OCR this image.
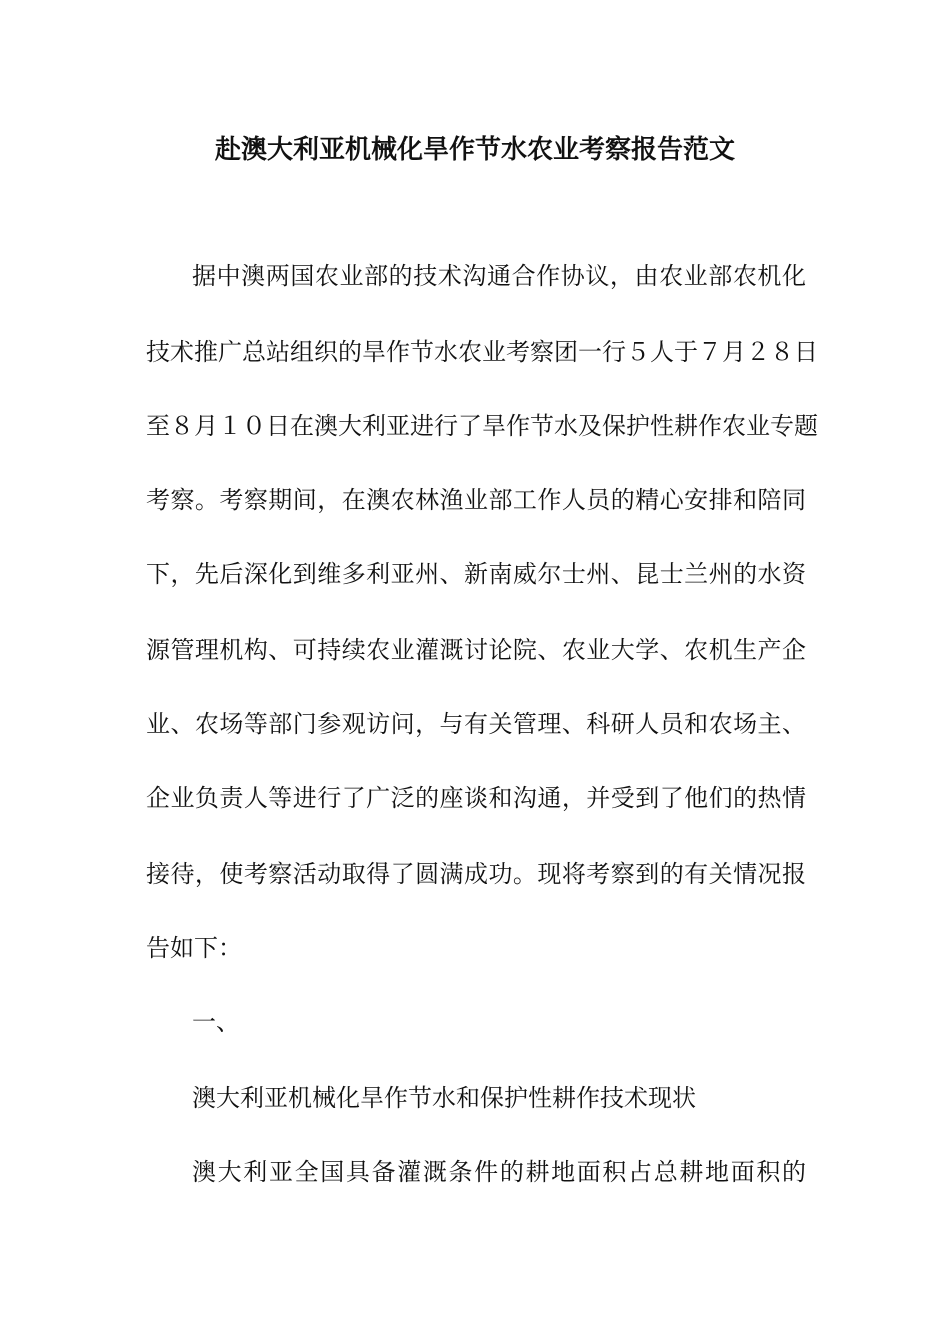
赴澳大利亚机械化旱作节水农业考察报告范文
据中澳两国农业部的技术沟通合作协议，由农业部农机化
技术推广总站组织的旱作节水农业考察团一行５人于７月２８日
至８月１０日在澳大利亚进行了旱作节水及保护性耕作农业专题
考察。考察期间，在澳农林渔业部工作人员的精心安排和陪同
下，先后深化到维多利亚州、新南威尔士州、昆士兰州的水资
源管理机构、可持续农业灌溉讨论院、农业大学、农机生产企
业、农场等部门参观访问，与有关管理、科研人员和农场主、
企业负责人等进行了广泛的座谈和沟通，并受到了他们的热情
接待，使考察活动取得了圆满成功。现将考察到的有关情况报
告如下：
一、
澳大利亚机械化旱作节水和保护性耕作技术现状
澳大利亚全国具备灌溉条件的耕地面积占总耕地面积的
